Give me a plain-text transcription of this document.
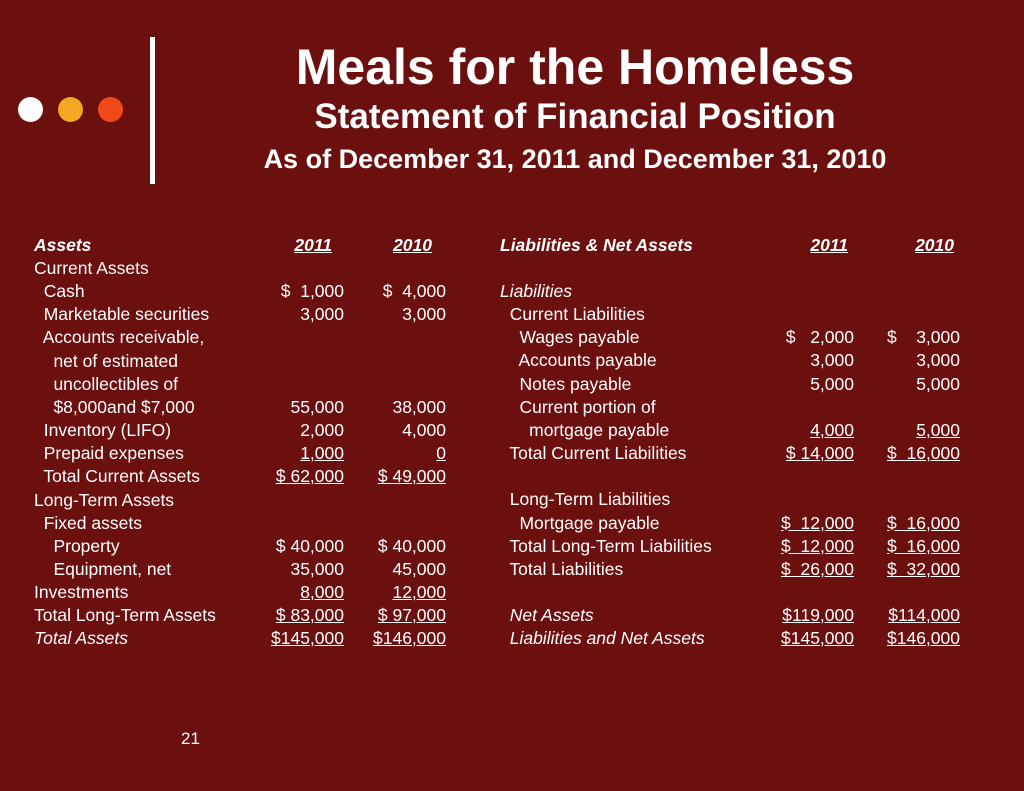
Meals for the Homeless
Statement of Financial Position
As of December 31, 2011 and December 31, 2010
Assets	2011	2010	Liabilities & Net Assets	2011	2010
Current Assets
Cash	$  1,000	$  4,000
Marketable securities	3,000	3,000
Accounts receivable,
net of estimated
uncollectibles of
$8,000and $7,000	55,000	38,000
Inventory (LIFO)	2,000	4,000
Prepaid expenses	1,000	0
Total Current Assets	$ 62,000	$ 49,000
Long-Term Assets
Fixed assets
Property	$ 40,000	$ 40,000
Equipment, net	35,000	45,000
Investments	8,000	12,000
Total Long-Term Assets	$ 83,000	$ 97,000
Total Assets	$145,000	$146,000
Liabilities
Current Liabilities
Wages payable	$   2,000	$    3,000
Accounts payable	3,000	3,000
Notes payable	5,000	5,000
Current portion of
mortgage payable	4,000	5,000
Total Current Liabilities	$ 14,000	$  16,000
Long-Term Liabilities
Mortgage payable	$  12,000	$  16,000
Total Long-Term Liabilities	$  12,000	$  16,000
Total Liabilities	$  26,000	$  32,000
Net Assets	$119,000	$114,000
Liabilities and Net Assets	$145,000	$146,000
21
